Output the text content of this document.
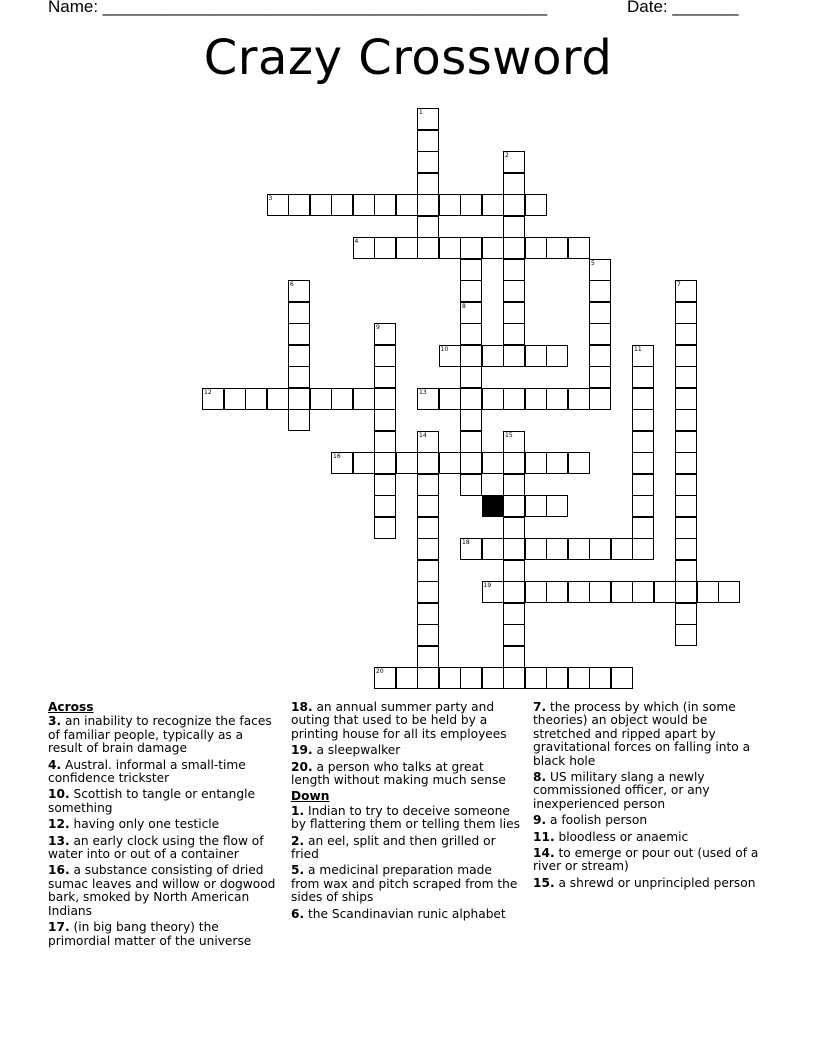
Name: _______________________________________________	Date: _______
Crazy Crossword
1
2
3
4
5
6	7
8
9
10	11
12	13
14	15
16
17
18
19
20
Across
3. an inability to recognize the faces of familiar people, typically as a result of brain damage
4. Austral. informal a small-time confidence trickster
10. Scottish to tangle or entangle something
12. having only one testicle
13. an early clock using the flow of water into or out of a container
16. a substance consisting of dried sumac leaves and willow or dogwood bark, smoked by North American Indians
17. (in big bang theory) the primordial matter of the universe
18. an annual summer party and outing that used to be held by a printing house for all its employees
19. a sleepwalker
20. a person who talks at great length without making much sense
Down
1. Indian to try to deceive someone by flattering them or telling them lies
2. an eel, split and then grilled or fried
5. a medicinal preparation made from wax and pitch scraped from the sides of ships
6. the Scandinavian runic alphabet
7. the process by which (in some theories) an object would be stretched and ripped apart by gravitational forces on falling into a black hole
8. US military slang a newly commissioned officer, or any inexperienced person
9. a foolish person
11. bloodless or anaemic
14. to emerge or pour out (used of a river or stream)
15. a shrewd or unprincipled person
